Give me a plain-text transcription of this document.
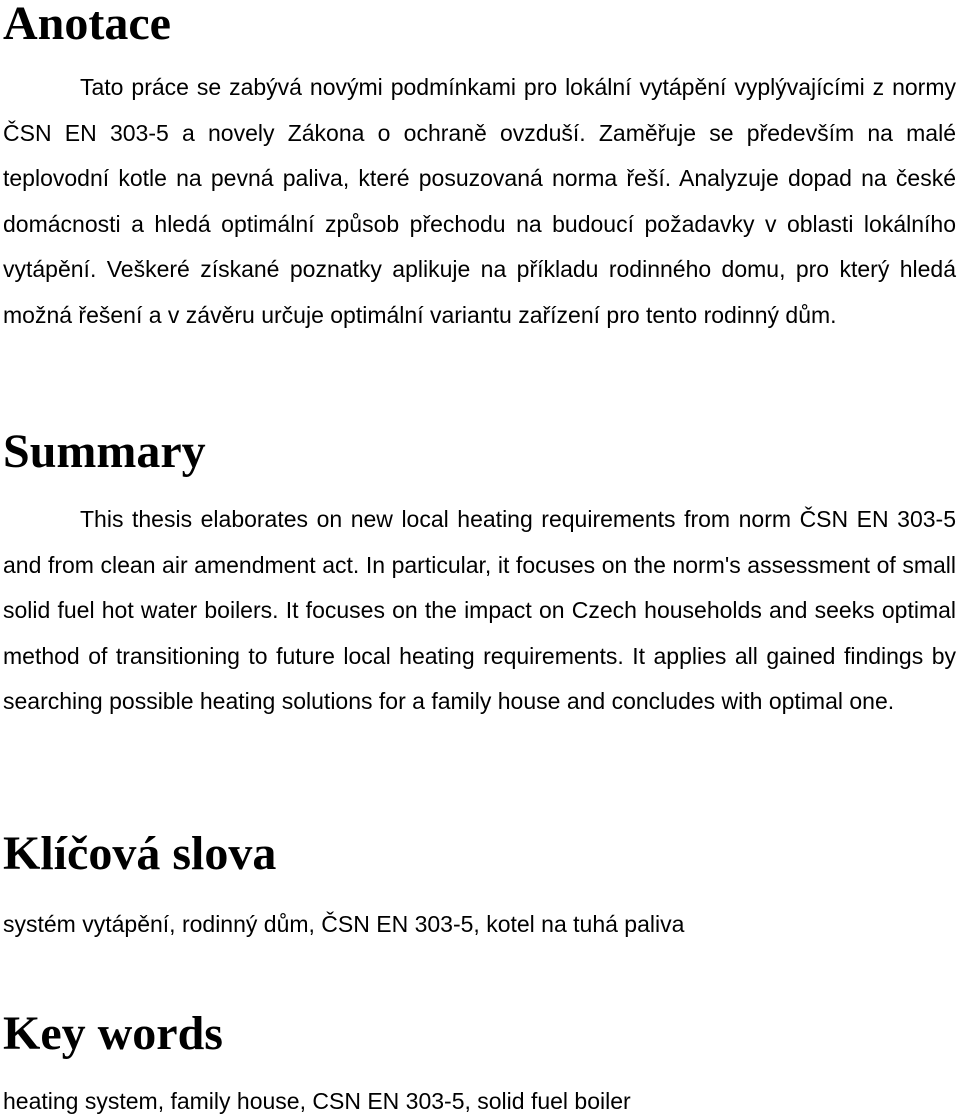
Anotace

Tato práce se zabývá novými podmínkami pro lokální vytápění vyplývajícími z normy ČSN EN 303-5 a novely Zákona o ochraně ovzduší. Zaměřuje se především na malé teplovodní kotle na pevná paliva, které posuzovaná norma řeší. Analyzuje dopad na české domácnosti a hledá optimální způsob přechodu na budoucí požadavky v oblasti lokálního vytápění. Veškeré získané poznatky aplikuje na příkladu rodinného domu, pro který hledá možná řešení a v závěru určuje optimální variantu zařízení pro tento rodinný dům.

Summary

This thesis elaborates on new local heating requirements from norm ČSN EN 303-5 and from clean air amendment act. In particular, it focuses on the norm's assessment of small solid fuel hot water boilers. It focuses on the impact on Czech households and seeks optimal method of transitioning to future local heating requirements. It applies all gained findings by searching possible heating solutions for a family house and concludes with optimal one.

Klíčová slova

systém vytápění, rodinný dům, ČSN EN 303-5, kotel na tuhá paliva

Key words

heating system, family house, CSN EN 303-5, solid fuel boiler
